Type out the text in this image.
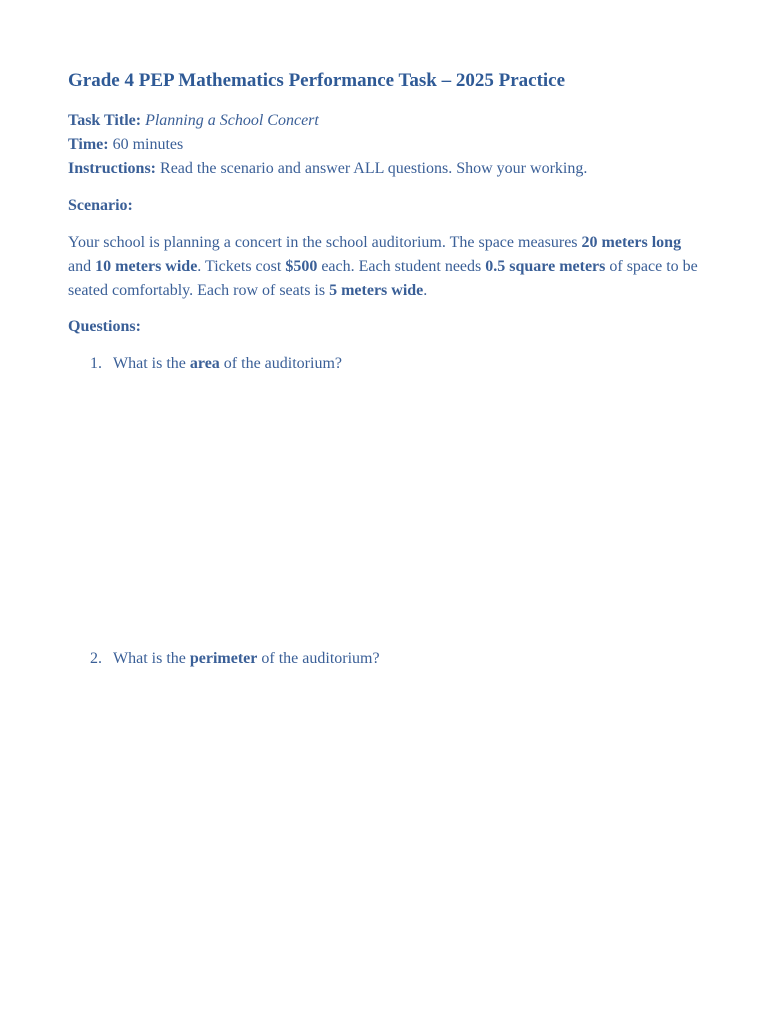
Grade 4 PEP Mathematics Performance Task – 2025 Practice
Task Title: Planning a School Concert
Time: 60 minutes
Instructions: Read the scenario and answer ALL questions. Show your working.
Scenario:

Your school is planning a concert in the school auditorium. The space measures 20 meters long and 10 meters wide. Tickets cost $500 each. Each student needs 0.5 square meters of space to be seated comfortably. Each row of seats is 5 meters wide.

Questions:
1. What is the area of the auditorium?
2. What is the perimeter of the auditorium?
